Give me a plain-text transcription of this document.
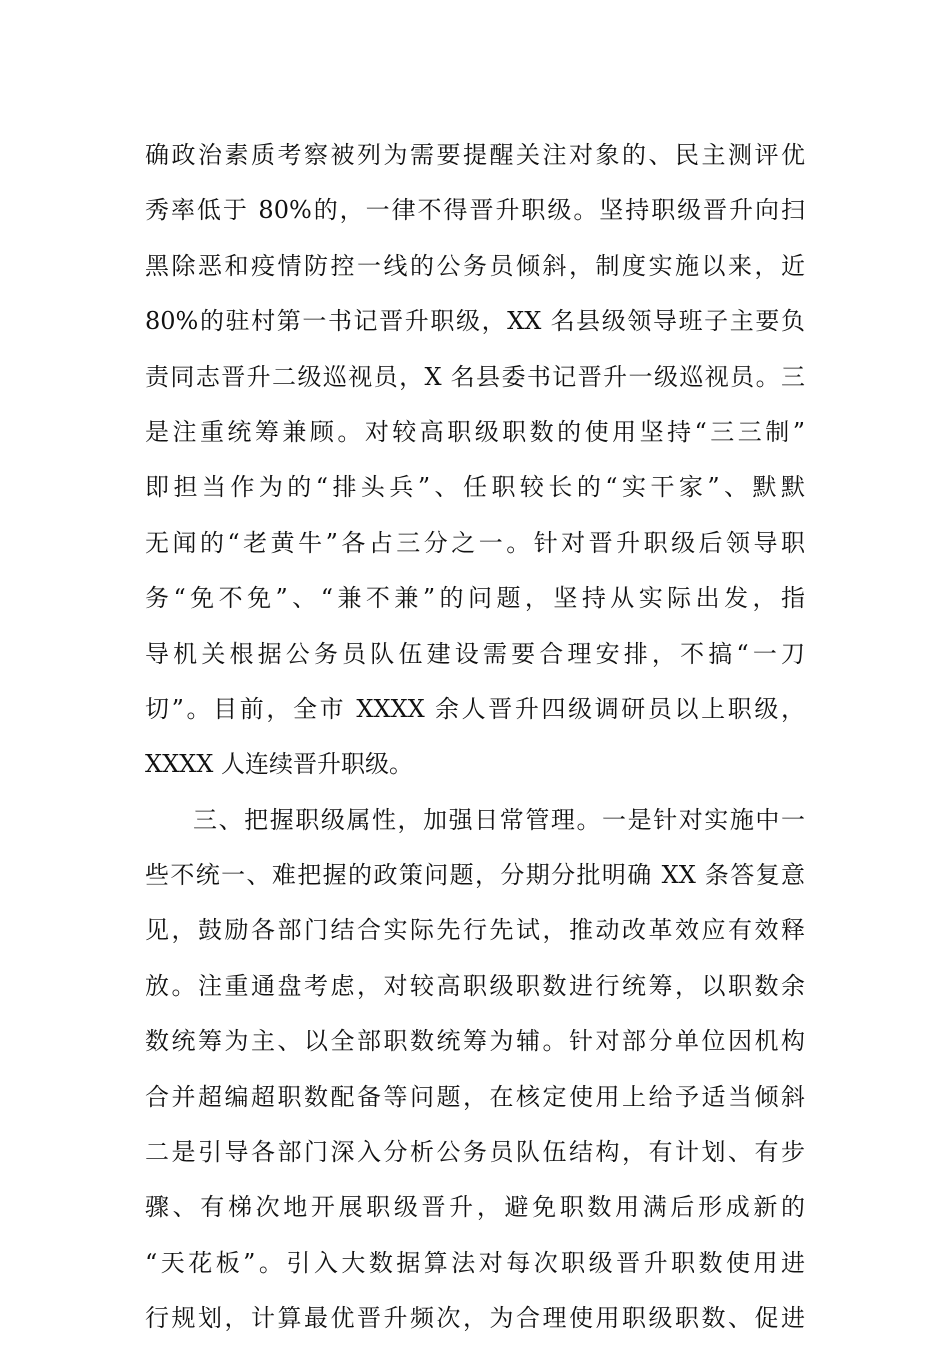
确政治素质考察被列为需要提醒关注对象的、民主测评优
秀率低于 80%的，一律不得晋升职级。坚持职级晋升向扫
黑除恶和疫情防控一线的公务员倾斜，制度实施以来，近
80%的驻村第一书记晋升职级，XX 名县级领导班子主要负
责同志晋升二级巡视员，X 名县委书记晋升一级巡视员。三
是注重统筹兼顾。对较高职级职数的使用坚持“三三制”
即担当作为的“排头兵”、任职较长的“实干家”、默默
无闻的“老黄牛”各占三分之一。针对晋升职级后领导职
务“免不免”、“兼不兼”的问题，坚持从实际出发，指
导机关根据公务员队伍建设需要合理安排，不搞“一刀
切”。目前，全市 XXXX 余人晋升四级调研员以上职级，
XXXX 人连续晋升职级。
三、把握职级属性，加强日常管理。一是针对实施中一
些不统一、难把握的政策问题，分期分批明确 XX 条答复意
见，鼓励各部门结合实际先行先试，推动改革效应有效释
放。注重通盘考虑，对较高职级职数进行统筹，以职数余
数统筹为主、以全部职数统筹为辅。针对部分单位因机构
合并超编超职数配备等问题，在核定使用上给予适当倾斜
二是引导各部门深入分析公务员队伍结构，有计划、有步
骤、有梯次地开展职级晋升，避免职数用满后形成新的
“天花板”。引入大数据算法对每次职级晋升职数使用进
行规划，计算最优晋升频次，为合理使用职级职数、促进
